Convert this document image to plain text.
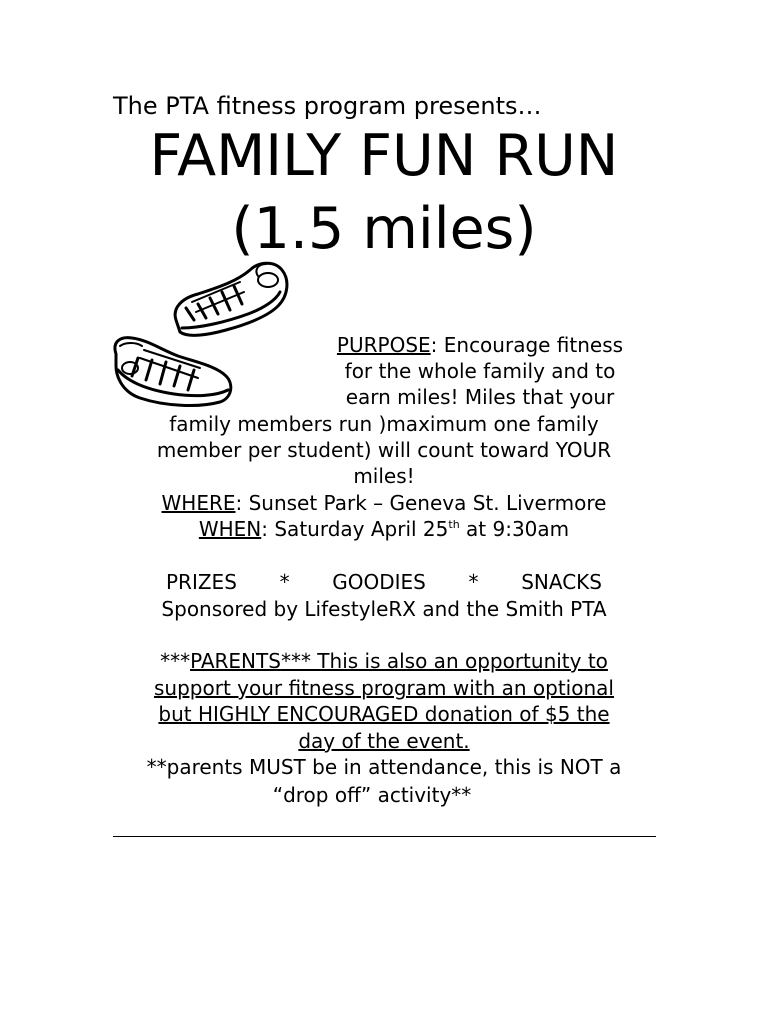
The PTA fitness program presents…
FAMILY FUN RUN
(1.5 miles)
PURPOSE: Encourage fitness
for the whole family and to
earn miles! Miles that your
family members run )maximum one family
member per student) will count toward YOUR
miles!
WHERE: Sunset Park – Geneva St. Livermore
WHEN: Saturday April 25th at 9:30am
PRIZES * GOODIES * SNACKS
Sponsored by LifestyleRX and the Smith PTA
***PARENTS*** This is also an opportunity to
support your fitness program with an optional
but HIGHLY ENCOURAGED donation of $5 the
day of the event.
**parents MUST be in attendance, this is NOT a
“drop off” activity**
